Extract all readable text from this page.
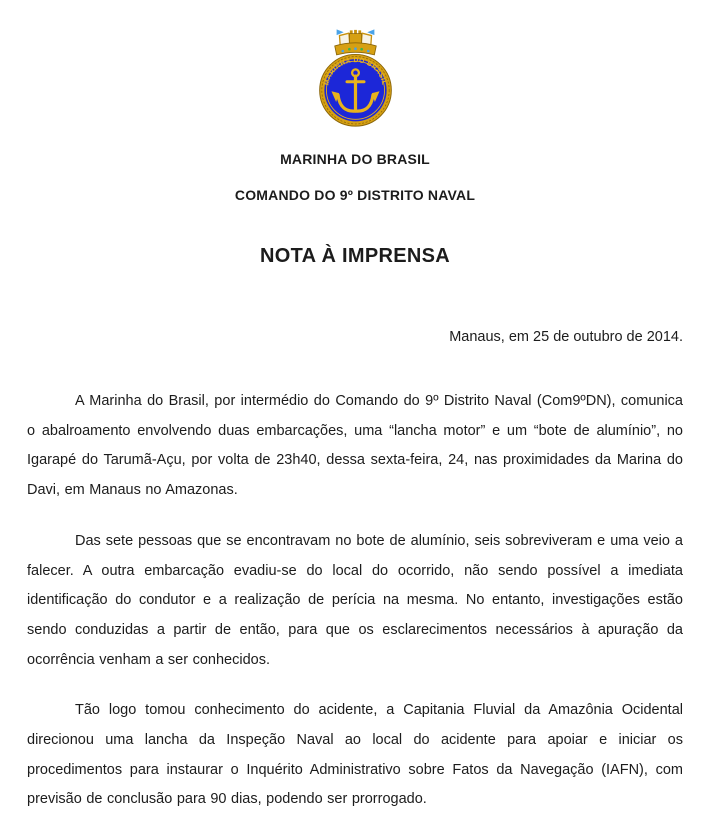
MARINHA DO BRASIL
MARINHA DO BRASIL
COMANDO DO 9º DISTRITO NAVAL
NOTA À IMPRENSA
Manaus, em 25 de outubro de 2014.

A Marinha do Brasil, por intermédio do Comando do 9º Distrito Naval (Com9ºDN), comunica o abalroamento envolvendo duas embarcações, uma “lancha motor” e um “bote de alumínio”, no Igarapé do Tarumã-Açu, por volta de 23h40, dessa sexta-feira, 24, nas proximidades da Marina do Davi, em Manaus no Amazonas.

Das sete pessoas que se encontravam no bote de alumínio, seis sobreviveram e uma veio a falecer. A outra embarcação evadiu-se do local do ocorrido, não sendo possível a imediata identificação do condutor e a realização de perícia na mesma. No entanto, investigações estão sendo conduzidas a partir de então, para que os esclarecimentos necessários à apuração da ocorrência venham a ser conhecidos.

Tão logo tomou conhecimento do acidente, a Capitania Fluvial da Amazônia Ocidental direcionou uma lancha da Inspeção Naval ao local do acidente para apoiar e iniciar os procedimentos para instaurar o Inquérito Administrativo sobre Fatos da Navegação (IAFN), com previsão de conclusão para 90 dias, podendo ser prorrogado.
